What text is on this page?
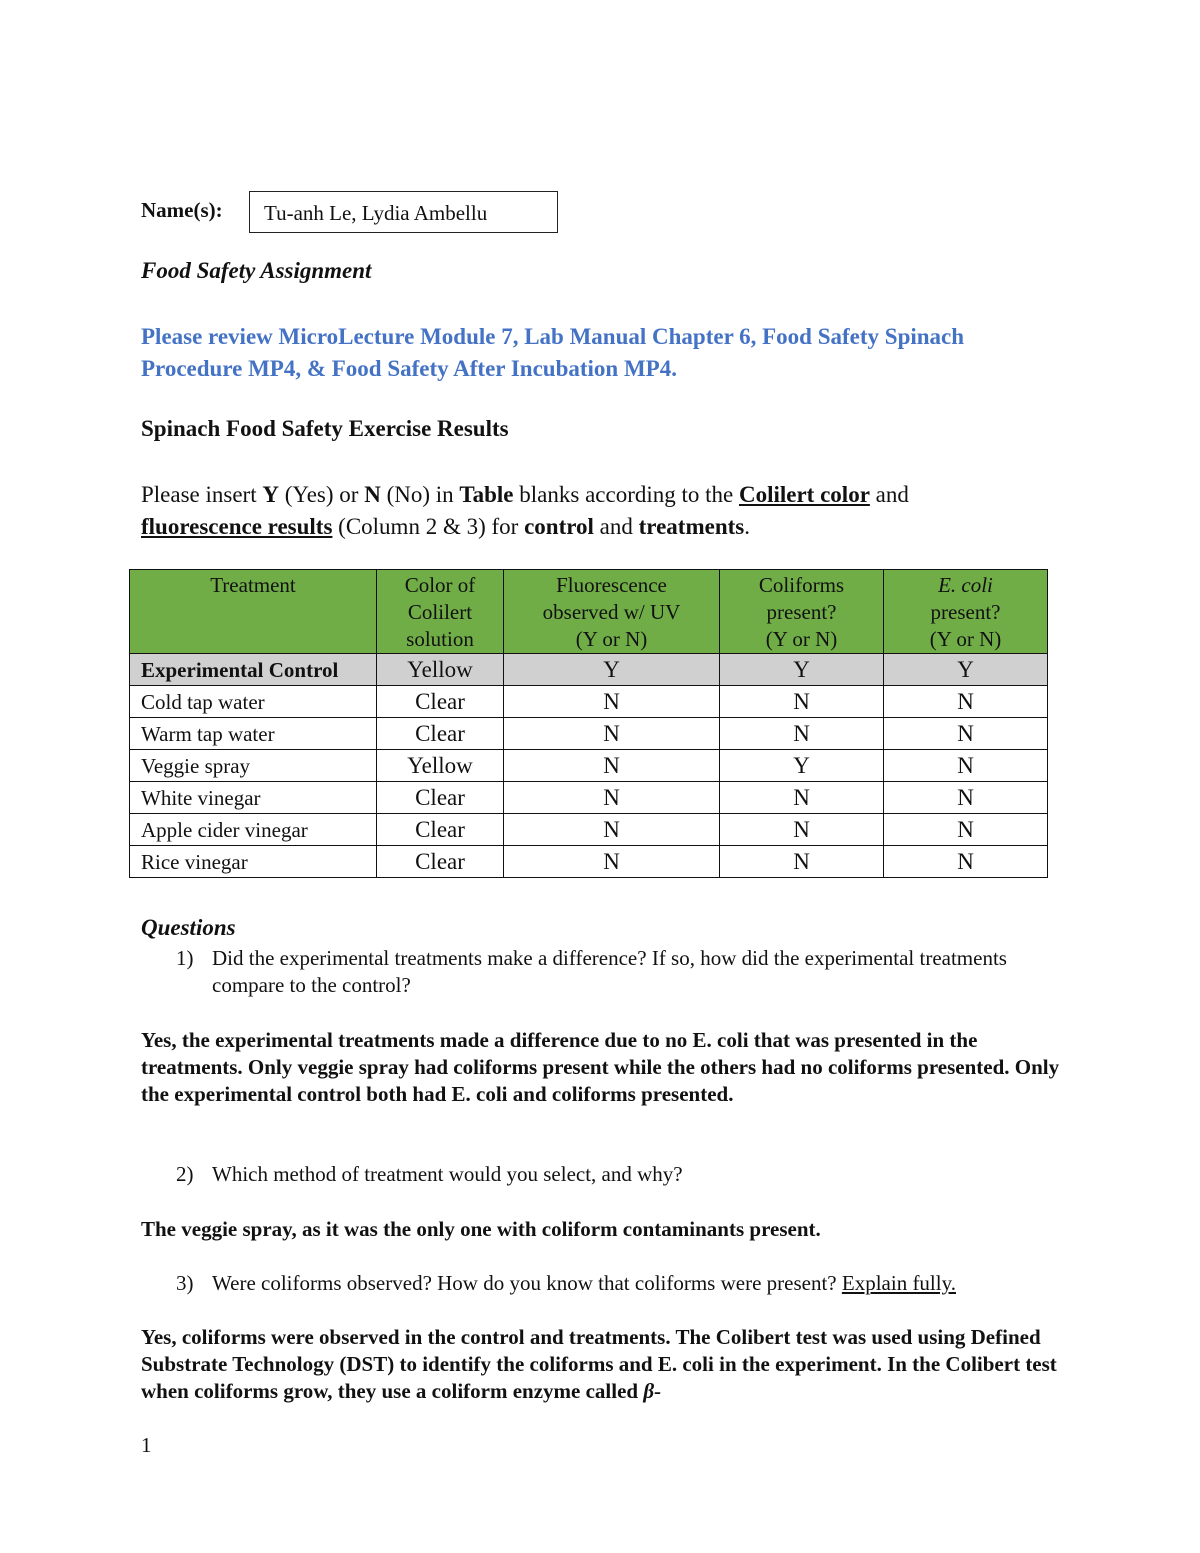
Name(s):	Tu-anh Le, Lydia Ambellu
Food Safety Assignment
Please review MicroLecture Module 7, Lab Manual Chapter 6, Food Safety Spinach Procedure MP4, & Food Safety After Incubation MP4.
Spinach Food Safety Exercise Results
Please insert Y (Yes) or N (No) in Table blanks according to the Colilert color and
fluorescence results (Column 2 & 3) for control and treatments.
Treatment	Color of
Colilert
solution	Fluorescence
observed w/ UV
(Y or N)	Coliforms
present?
(Y or N)	E. coli
present?
(Y or N)
Experimental Control	Yellow	Y	Y	Y
Cold tap water	Clear	N	N	N
Warm tap water	Clear	N	N	N
Veggie spray	Yellow	N	Y	N
White vinegar	Clear	N	N	N
Apple cider vinegar	Clear	N	N	N
Rice vinegar	Clear	N	N	N
Questions
1) Did the experimental treatments make a difference? If so, how did the experimental treatments compare to the control?
Yes, the experimental treatments made a difference due to no E. coli that was presented in the treatments. Only veggie spray had coliforms present while the others had no coliforms presented. Only the experimental control both had E. coli and coliforms presented.
2) Which method of treatment would you select, and why?
The veggie spray, as it was the only one with coliform contaminants present.
3) Were coliforms observed? How do you know that coliforms were present? Explain fully.
Yes, coliforms were observed in the control and treatments. The Colibert test was used using Defined Substrate Technology (DST) to identify the coliforms and E. coli in the experiment. In the Colibert test when coliforms grow, they use a coliform enzyme called β-
1
